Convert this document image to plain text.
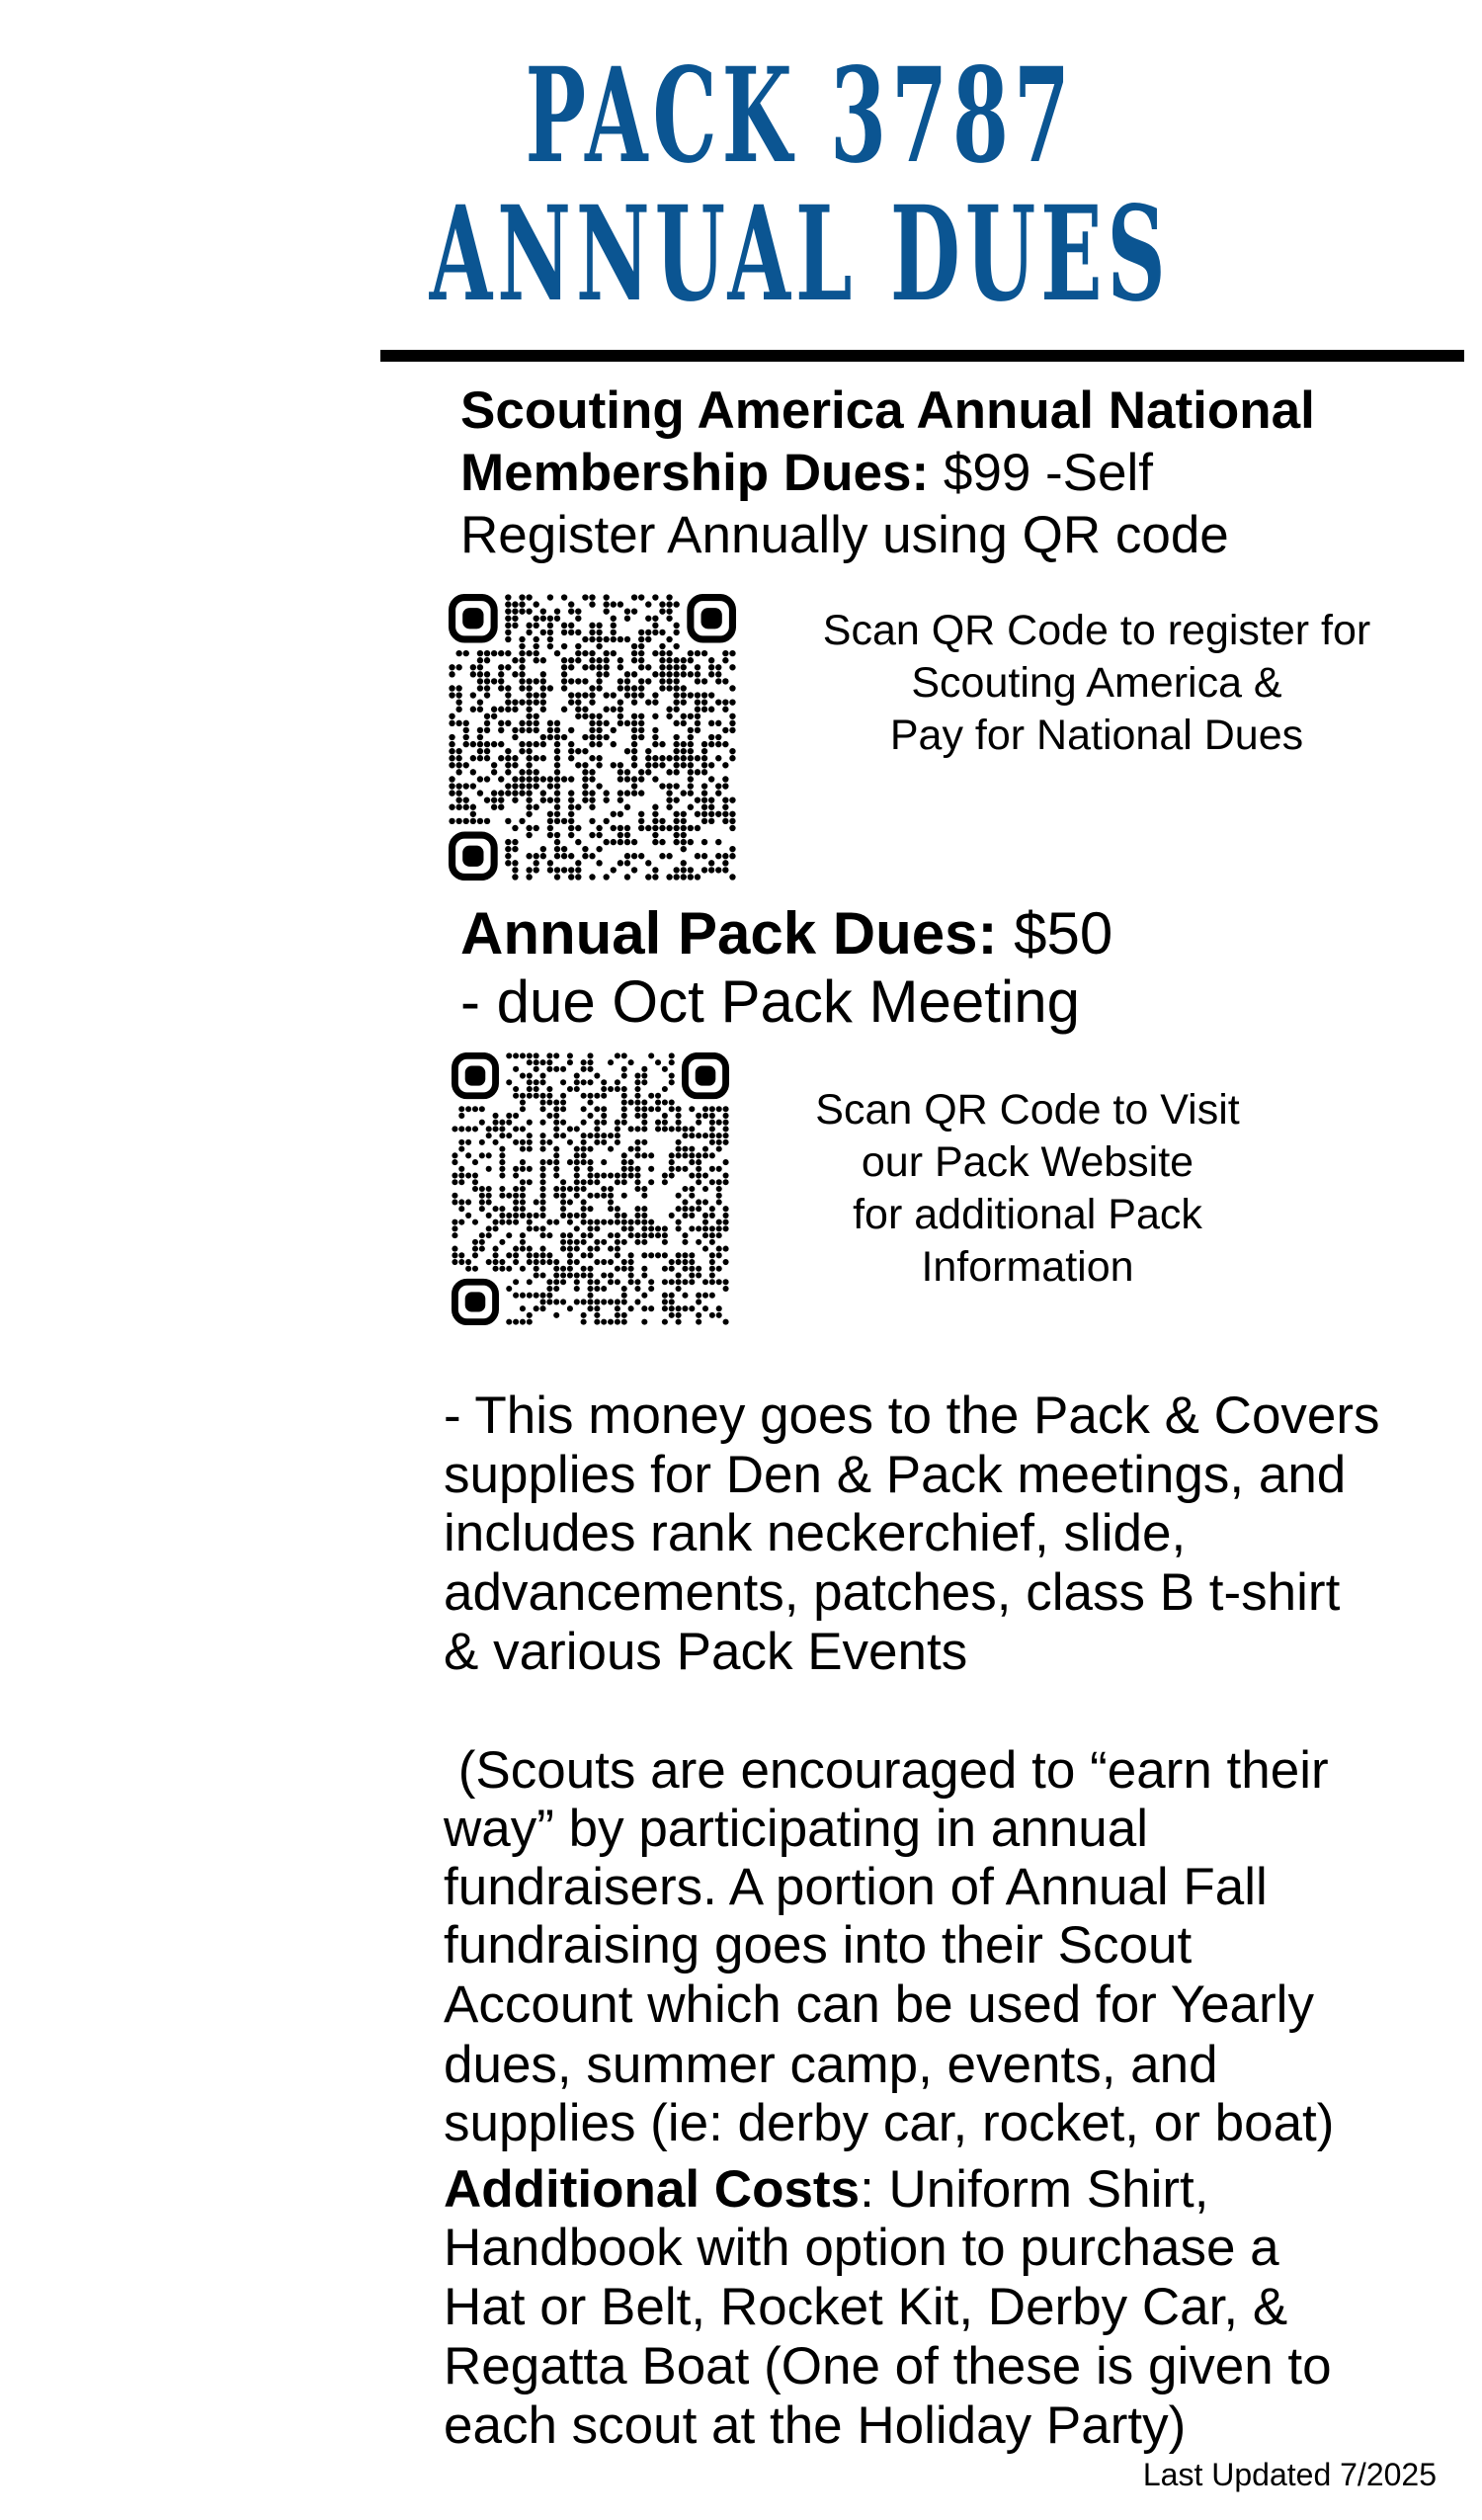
PACK 3787
ANNUAL DUES
Scouting America Annual National
Membership Dues: $99 -Self
Register Annually using QR code
Scan QR Code to register for
Scouting America &
Pay for National Dues
Annual Pack Dues: $50
- due Oct Pack Meeting
Scan QR Code to Visit
our Pack Website
for additional Pack
Information
- This money goes to the Pack & Covers
supplies for Den & Pack meetings, and
includes rank neckerchief, slide,
advancements, patches, class B t-shirt
& various Pack Events
(Scouts are encouraged to “earn their
way” by participating in annual
fundraisers. A portion of Annual Fall
fundraising goes into their Scout
Account which can be used for Yearly
dues, summer camp, events, and
supplies (ie: derby car, rocket, or boat)
Additional Costs: Uniform Shirt,
Handbook with option to purchase a
Hat or Belt, Rocket Kit, Derby Car, &
Regatta Boat (One of these is given to
each scout at the Holiday Party)
Last Updated 7/2025
